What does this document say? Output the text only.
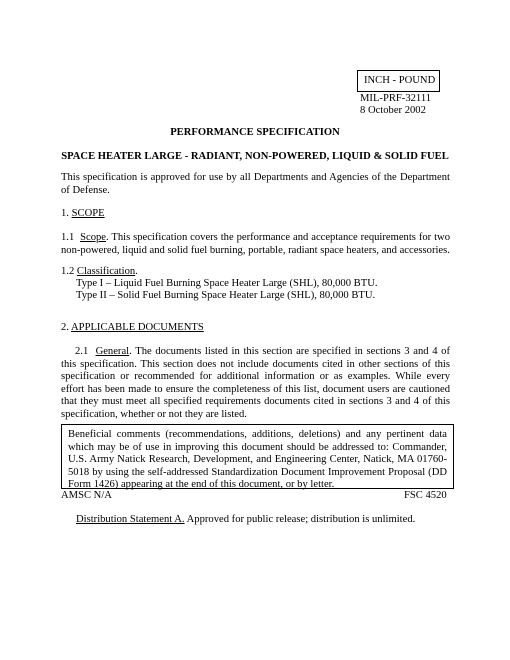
INCH - POUND
MIL-PRF-32111
8 October 2002
PERFORMANCE SPECIFICATION
SPACE HEATER LARGE - RADIANT, NON-POWERED, LIQUID & SOLID FUEL
This specification is approved for use by all Departments and Agencies of the Department of Defense.
1. SCOPE
1.1 Scope. This specification covers the performance and acceptance requirements for two non-powered, liquid and solid fuel burning, portable, radiant space heaters, and accessories.
1.2 Classification.
Type I – Liquid Fuel Burning Space Heater Large (SHL), 80,000 BTU.
Type II – Solid Fuel Burning Space Heater Large (SHL), 80,000 BTU.
2. APPLICABLE DOCUMENTS
2.1 General. The documents listed in this section are specified in sections 3 and 4 of this specification. This section does not include documents cited in other sections of this specification or recommended for additional information or as examples. While every effort has been made to ensure the completeness of this list, document users are cautioned that they must meet all specified requirements documents cited in sections 3 and 4 of this specification, whether or not they are listed.
Beneficial comments (recommendations, additions, deletions) and any pertinent data which may be of use in improving this document should be addressed to: Commander, U.S. Army Natick Research, Development, and Engineering Center, Natick, MA 01760-5018 by using the self-addressed Standardization Document Improvement Proposal (DD Form 1426) appearing at the end of this document, or by letter.
AMSC N/A	FSC 4520
Distribution Statement A. Approved for public release; distribution is unlimited.
